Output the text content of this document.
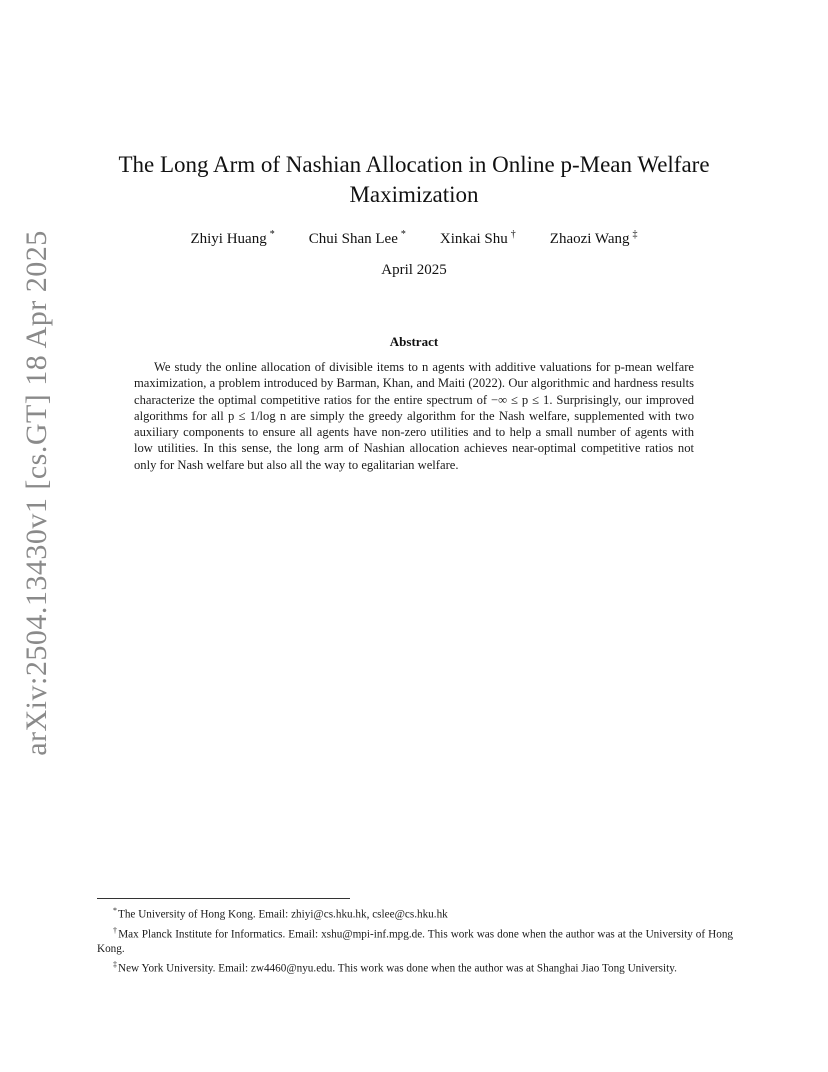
arXiv:2504.13430v1 [cs.GT] 18 Apr 2025
The Long Arm of Nashian Allocation in Online p-Mean Welfare Maximization
Zhiyi Huang * Chui Shan Lee * Xinkai Shu † Zhaozi Wang ‡
April 2025
Abstract

We study the online allocation of divisible items to n agents with additive valuations for p-mean welfare maximization, a problem introduced by Barman, Khan, and Maiti (2022). Our algorithmic and hardness results characterize the optimal competitive ratios for the entire spectrum of −∞ ≤ p ≤ 1. Surprisingly, our improved algorithms for all p ≤ 1/log n are simply the greedy algorithm for the Nash welfare, supplemented with two auxiliary components to ensure all agents have non-zero utilities and to help a small number of agents with low utilities. In this sense, the long arm of Nashian allocation achieves near-optimal competitive ratios not only for Nash welfare but also all the way to egalitarian welfare.

*The University of Hong Kong. Email: zhiyi@cs.hku.hk, cslee@cs.hku.hk

†Max Planck Institute for Informatics. Email: xshu@mpi-inf.mpg.de. This work was done when the author was at the University of Hong Kong.

‡New York University. Email: zw4460@nyu.edu. This work was done when the author was at Shanghai Jiao Tong University.
